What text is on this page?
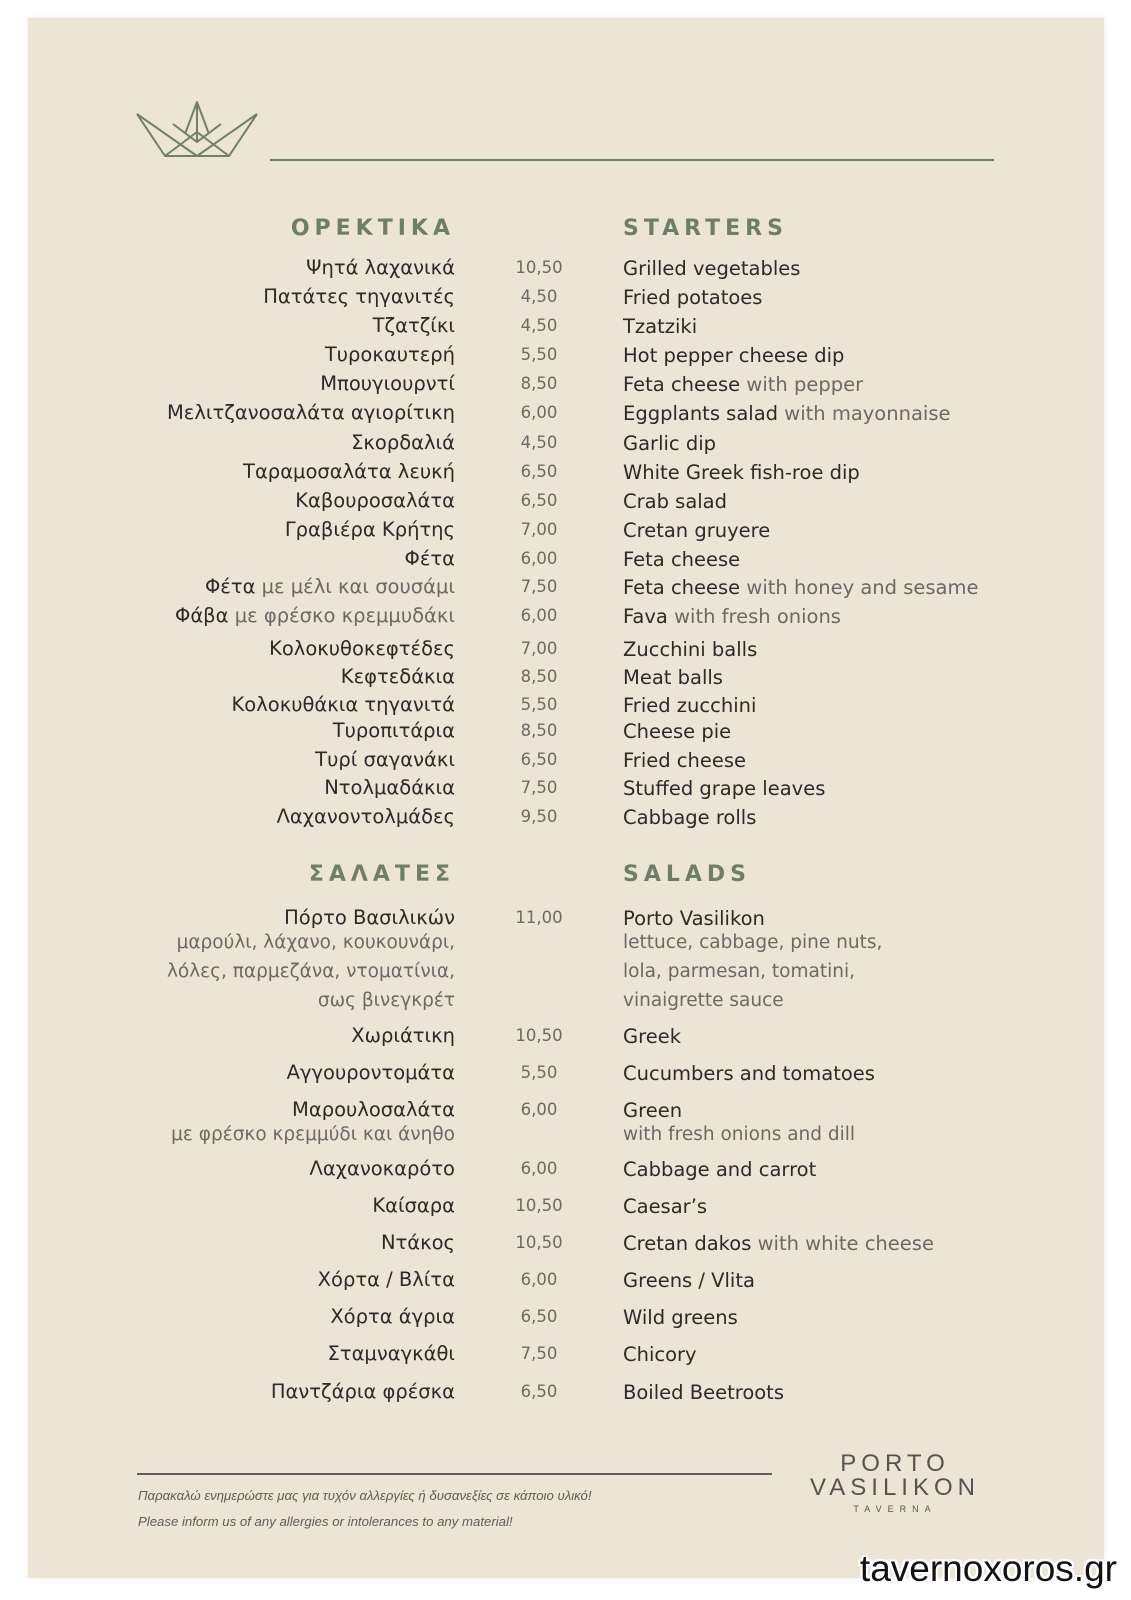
ΟΡΕΚΤΙΚΑ	STARTERS
Ψητά λαχανικά	10,50	Grilled vegetables
Πατάτες τηγανιτές	4,50	Fried potatoes
Τζατζίκι	4,50	Tzatziki
Τυροκαυτερή	5,50	Hot pepper cheese dip
Μπουγιουρντί	8,50	Feta cheese with pepper
Μελιτζανοσαλάτα αγιορίτικη	6,00	Eggplants salad with mayonnaise
Σκορδαλιά	4,50	Garlic dip
Ταραμοσαλάτα λευκή	6,50	White Greek fish-roe dip
Καβουροσαλάτα	6,50	Crab salad
Γραβιέρα Κρήτης	7,00	Cretan gruyere
Φέτα	6,00	Feta cheese
Φέτα με μέλι και σουσάμι	7,50	Feta cheese with honey and sesame
Φάβα με φρέσκο κρεμμυδάκι	6,00	Fava with fresh onions
Κολοκυθοκεφτέδες	7,00	Zucchini balls
Κεφτεδάκια	8,50	Meat balls
Κολοκυθάκια τηγανιτά	5,50	Fried zucchini
Τυροπιτάρια	8,50	Cheese pie
Τυρί σαγανάκι	6,50	Fried cheese
Ντολμαδάκια	7,50	Stuffed grape leaves
Λαχανοντολμάδες	9,50	Cabbage rolls
ΣΑΛΑΤΕΣ	SALADS
Πόρτο Βασιλικών	11,00	Porto Vasilikon
μαρούλι, λάχανο, κουκουνάρι,
λόλες, παρμεζάνα, ντοματίνια,
σως βινεγκρέτ
lettuce, cabbage, pine nuts,
lola, parmesan, tomatini,
vinaigrette sauce
Χωριάτικη	10,50	Greek
Αγγουροντομάτα	5,50	Cucumbers and tomatoes
Μαρουλοσαλάτα	6,00	Green
με φρέσκο κρεμμύδι και άνηθο	with fresh onions and dill
Λαχανοκαρότο	6,00	Cabbage and carrot
Καίσαρα	10,50	Caesar’s
Ντάκος	10,50	Cretan dakos with white cheese
Χόρτα / Βλίτα	6,00	Greens / Vlita
Χόρτα άγρια	6,50	Wild greens
Σταμναγκάθι	7,50	Chicory
Παντζάρια φρέσκα	6,50	Boiled Beetroots
Παρακαλώ ενημερώστε μας για τυχόν αλλεργίες ή δυσανεξίες σε κάποιο υλικό!
Please inform us of any allergies or intolerances to any material!
PORTO
VASILIKON
TAVERNA
tavernoxoros.gr
